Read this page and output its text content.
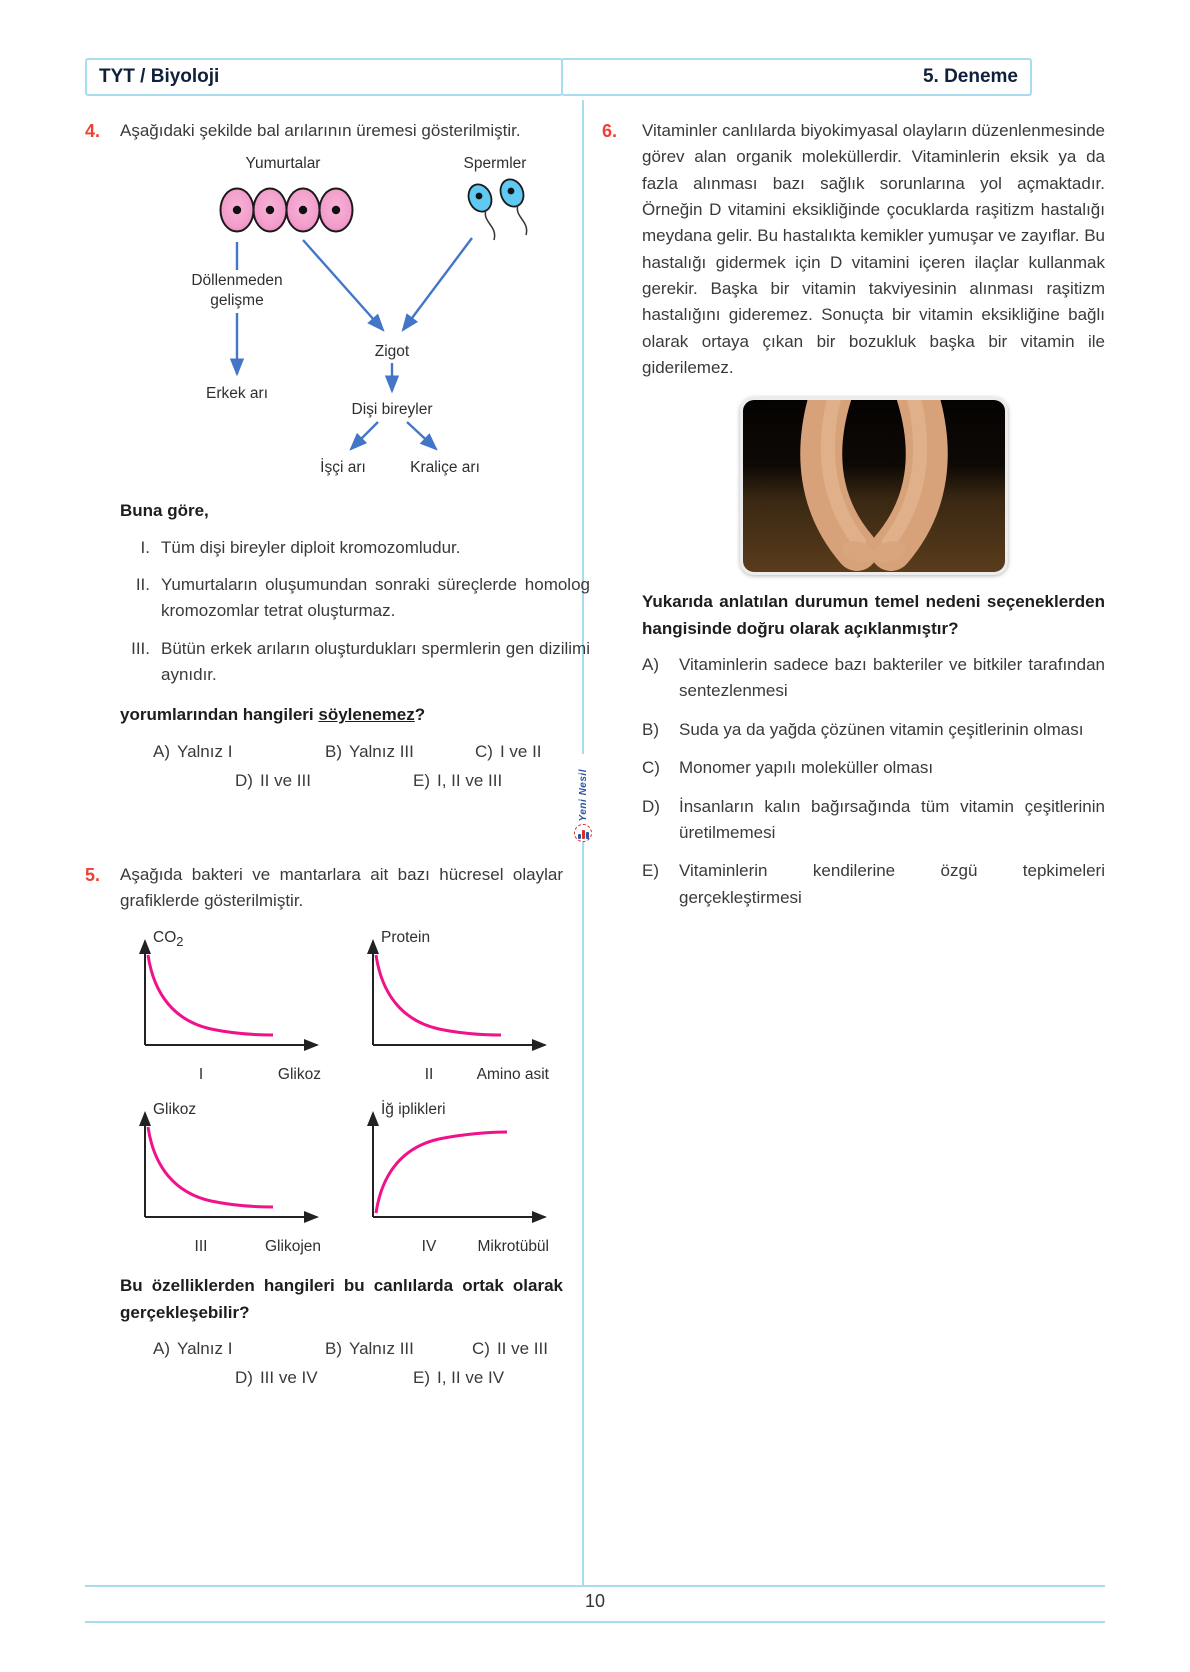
TYT / Biyoloji	5. Deneme
Yeni Nesil
4.	Aşağıdaki şekilde bal arılarının üremesi gösterilmiştir.

Yumurtalar	Spermler
Döllenmeden gelişme
Erkek arı
Zigot
Dişi bireyler
İşçi arı	Kraliçe arı

Buna göre,

I. Tüm dişi bireyler diploit kromozomludur.
II. Yumurtaların oluşumundan sonraki süreçlerde homolog kromozomlar tetrat oluşturmaz.
III. Bütün erkek arıların oluşturdukları spermlerin gen dizilimi aynıdır.

yorumlarından hangileri söylenemez?

A) Yalnız I	B) Yalnız III	C) I ve II
D) II ve III	E) I, II ve III
5.	Aşağıda bakteri ve mantarlara ait bazı hücresel olaylar grafiklerde gösterilmiştir.

$CO_2$
I	Glikoz
Protein
II	Amino asit
Glikoz
III	Glikojen
İğ iplikleri
IV	Mikrotübül

Bu özelliklerden hangileri bu canlılarda ortak olarak gerçekleşebilir?

A) Yalnız I	B) Yalnız III	C) II ve III
D) III ve IV	E) I, II ve IV
6.	Vitaminler canlılarda biyokimyasal olayların düzenlenmesinde görev alan organik moleküllerdir. Vitaminlerin eksik ya da fazla alınması bazı sağlık sorunlarına yol açmaktadır. Örneğin D vitamini eksikliğinde çocuklarda raşitizm hastalığı meydana gelir. Bu hastalıkta kemikler yumuşar ve zayıflar. Bu hastalığı gidermek için D vitamini içeren ilaçlar kullanmak gerekir. Başka bir vitamin takviyesinin alınması raşitizm hastalığını gideremez. Sonuçta bir vitamin eksikliğine bağlı olarak ortaya çıkan bir bozukluk başka bir vitamin ile giderilemez.

Yukarıda anlatılan durumun temel nedeni seçeneklerden hangisinde doğru olarak açıklanmıştır?

A)	Vitaminlerin sadece bazı bakteriler ve bitkiler tarafından sentezlenmesi
B)	Suda ya da yağda çözünen vitamin çeşitlerinin olması
C)	Monomer yapılı moleküller olması
D)	İnsanların kalın bağırsağında tüm vitamin çeşitlerinin üretilmemesi
E)	Vitaminlerin kendilerine özgü tepkimeleri gerçekleştirmesi
10
